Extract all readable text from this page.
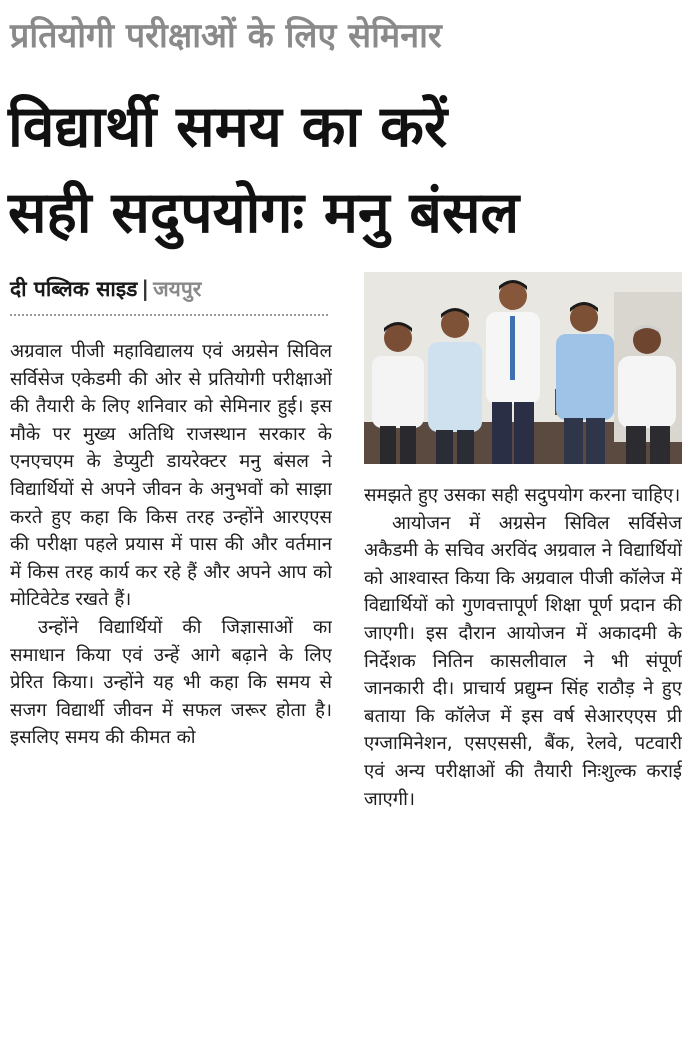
प्रतियोगी परीक्षाओं के लिए सेमिनार
विद्यार्थी समय का करें
सही सदुपयोगः मनु बंसल
दी पब्लिक साइड | जयपुर

अग्रवाल पीजी महाविद्यालय एवं अग्रसेन सिविल सर्विसेज एकेडमी की ओर से प्रतियोगी परीक्षाओं की तैयारी के लिए शनिवार को सेमिनार हुई। इस मौके पर मुख्य अतिथि राजस्थान सरकार के एनएचएम के डेप्युटी डायरेक्टर मनु बंसल ने विद्यार्थियों से अपने जीवन के अनुभवों को साझा करते हुए कहा कि किस तरह उन्होंने आरएएस की परीक्षा पहले प्रयास में पास की और वर्तमान में किस तरह कार्य कर रहे हैं और अपने आप को मोटिवेटेड रखते हैं।

उन्होंने विद्यार्थियों की जिज्ञासाओं का समाधान किया एवं उन्हें आगे बढ़ाने के लिए प्रेरित किया। उन्होंने यह भी कहा कि समय से सजग विद्यार्थी जीवन में सफल जरूर होता है। इसलिए समय की कीमत को

समझते हुए उसका सही सदुपयोग करना चाहिए।

आयोजन में अग्रसेन सिविल सर्विसेज अकैडमी के सचिव अरविंद अग्रवाल ने विद्यार्थियों को आश्वास्त किया कि अग्रवाल पीजी कॉलेज में विद्यार्थियों को गुणवत्तापूर्ण शिक्षा पूर्ण प्रदान की जाएगी। इस दौरान आयोजन में अकादमी के निर्देशक नितिन कासलीवाल ने भी संपूर्ण जानकारी दी। प्राचार्य प्रद्युम्न सिंह राठौड़ ने हुए बताया कि कॉलेज में इस वर्ष सेआरएएस प्री एग्जामिनेशन, एसएससी, बैंक, रेलवे, पटवारी एवं अन्य परीक्षाओं की तैयारी निःशुल्क कराई जाएगी।
